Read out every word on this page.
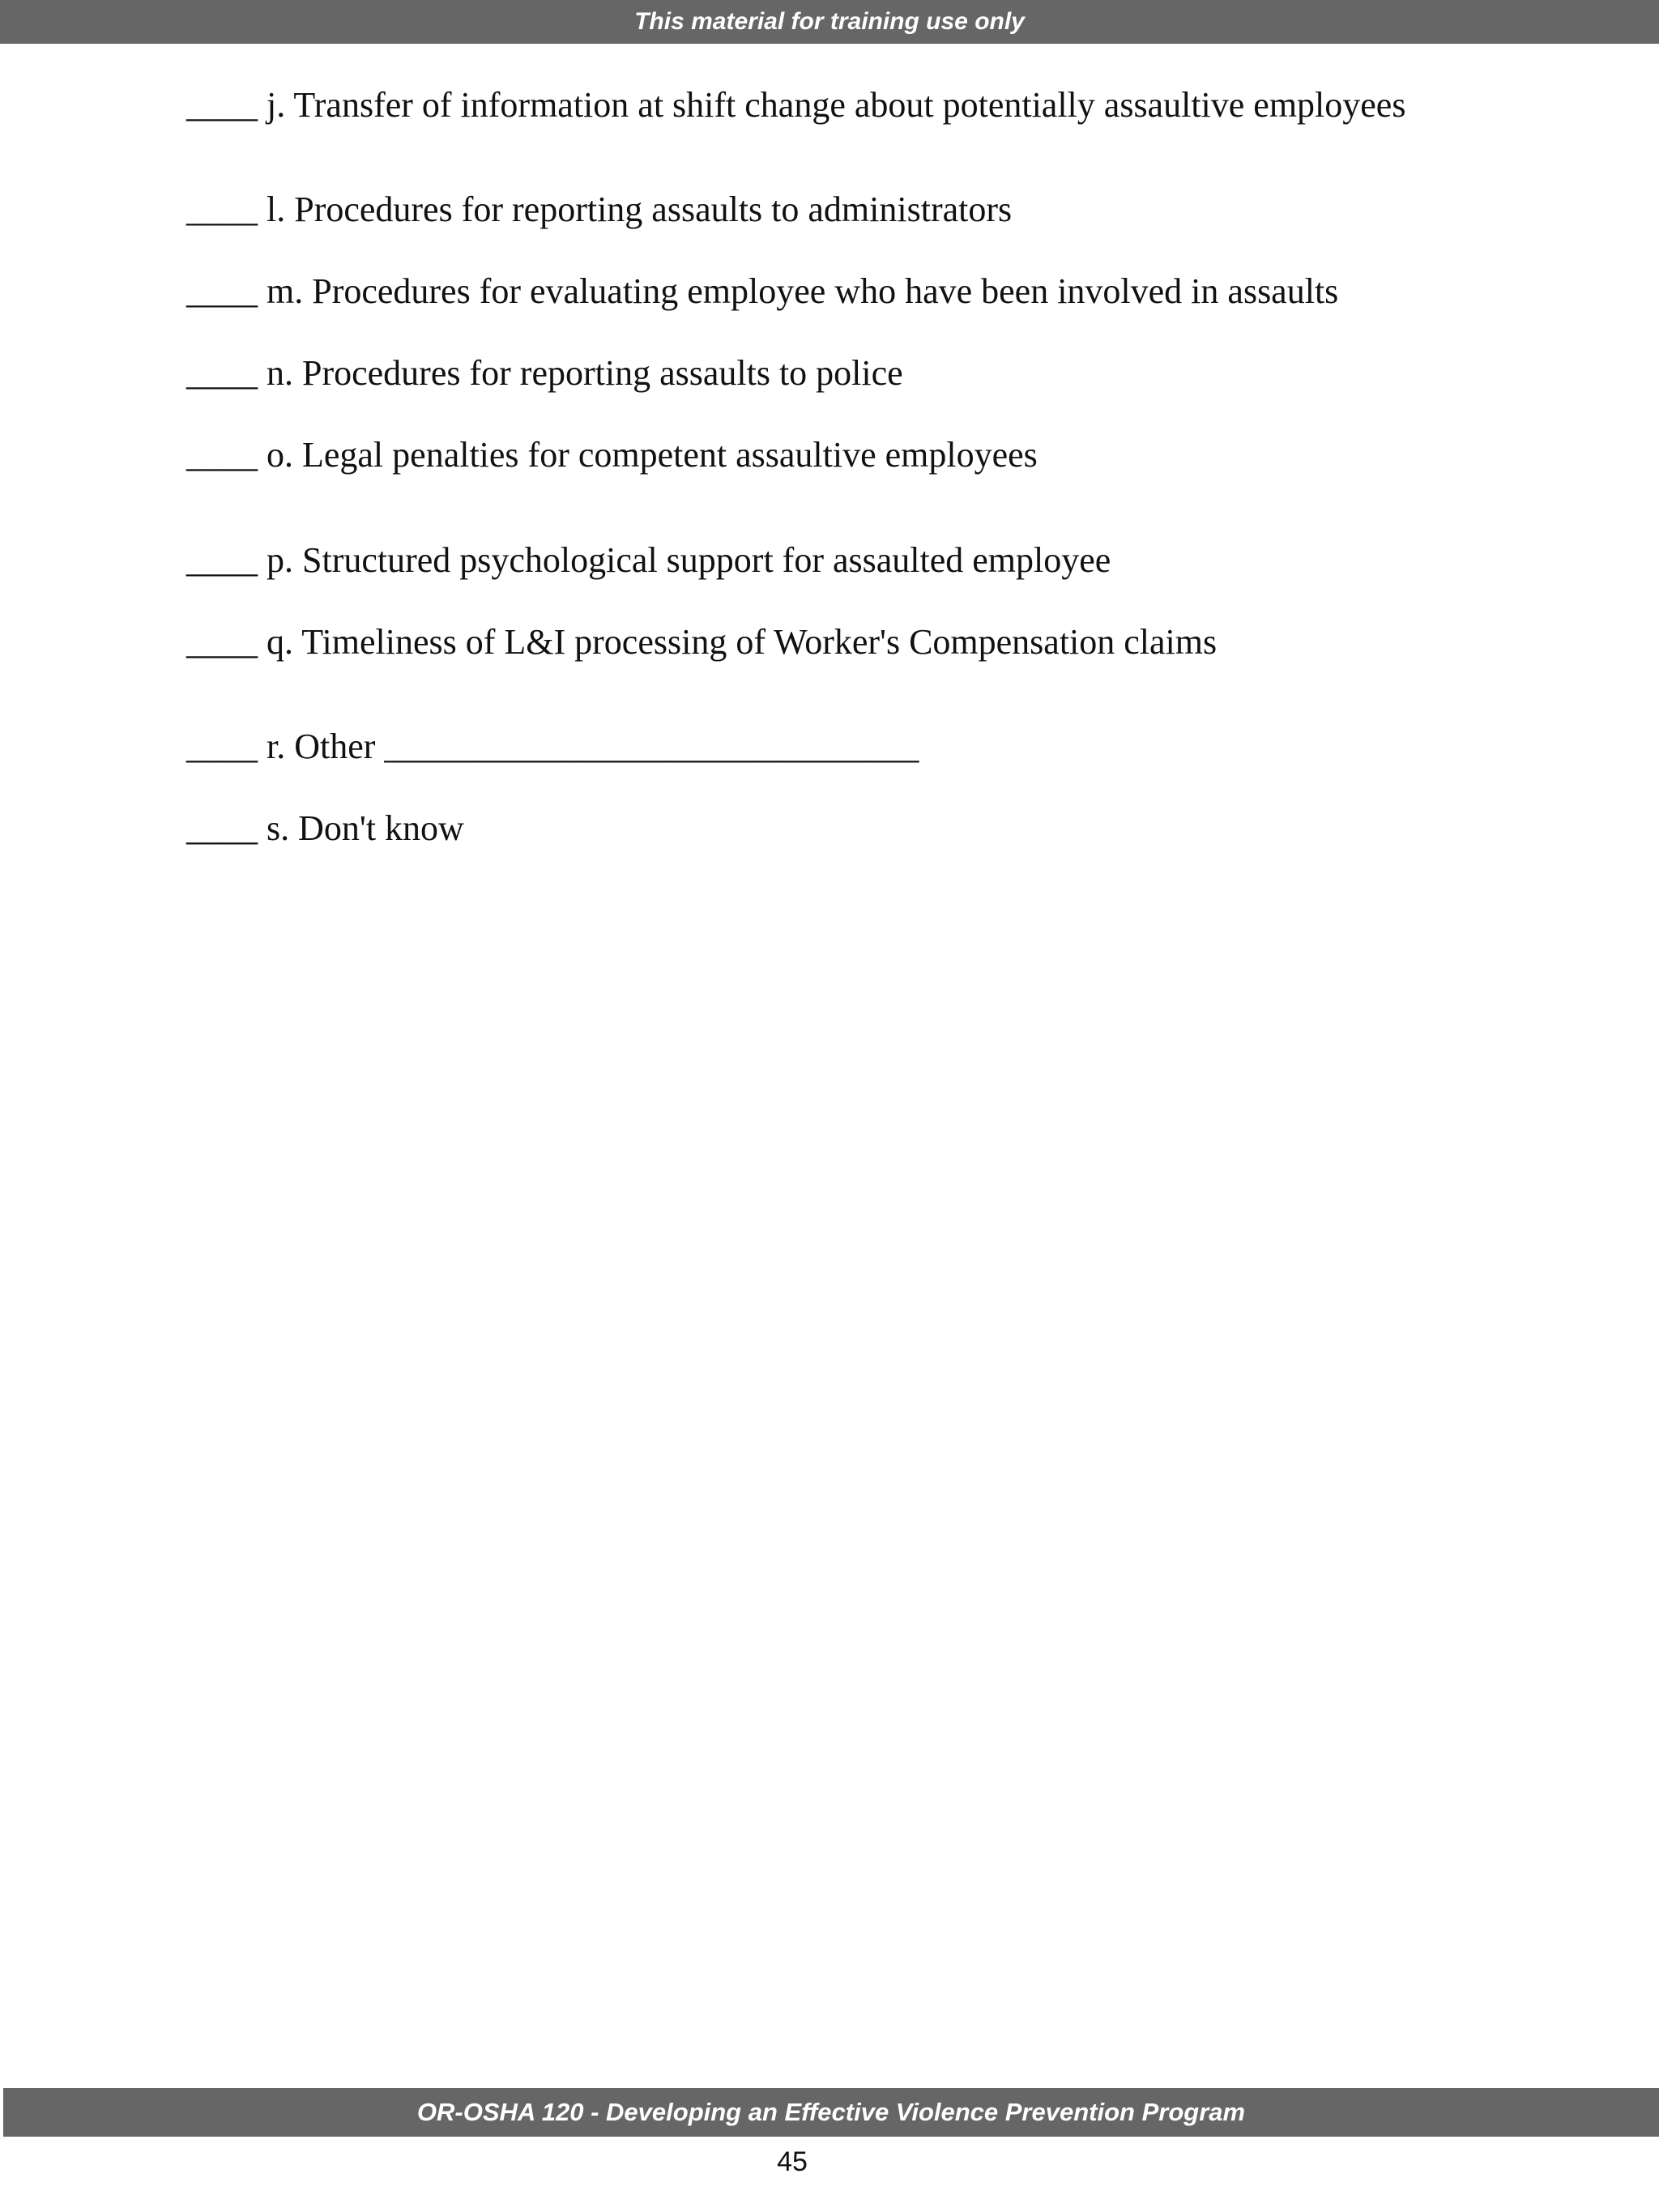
This material for training use only
____ j. Transfer of information at shift change about potentially assaultive employees
____ l. Procedures for reporting assaults to administrators
____ m. Procedures for evaluating employee who have been involved in assaults
____ n. Procedures for reporting assaults to police
____ o. Legal penalties for competent assaultive employees
____ p. Structured psychological support for assaulted employee
____ q. Timeliness of L&I processing of Worker's Compensation claims
____ r. Other ______________________________
____ s. Don't know
OR-OSHA 120 - Developing an Effective Violence Prevention Program
45
